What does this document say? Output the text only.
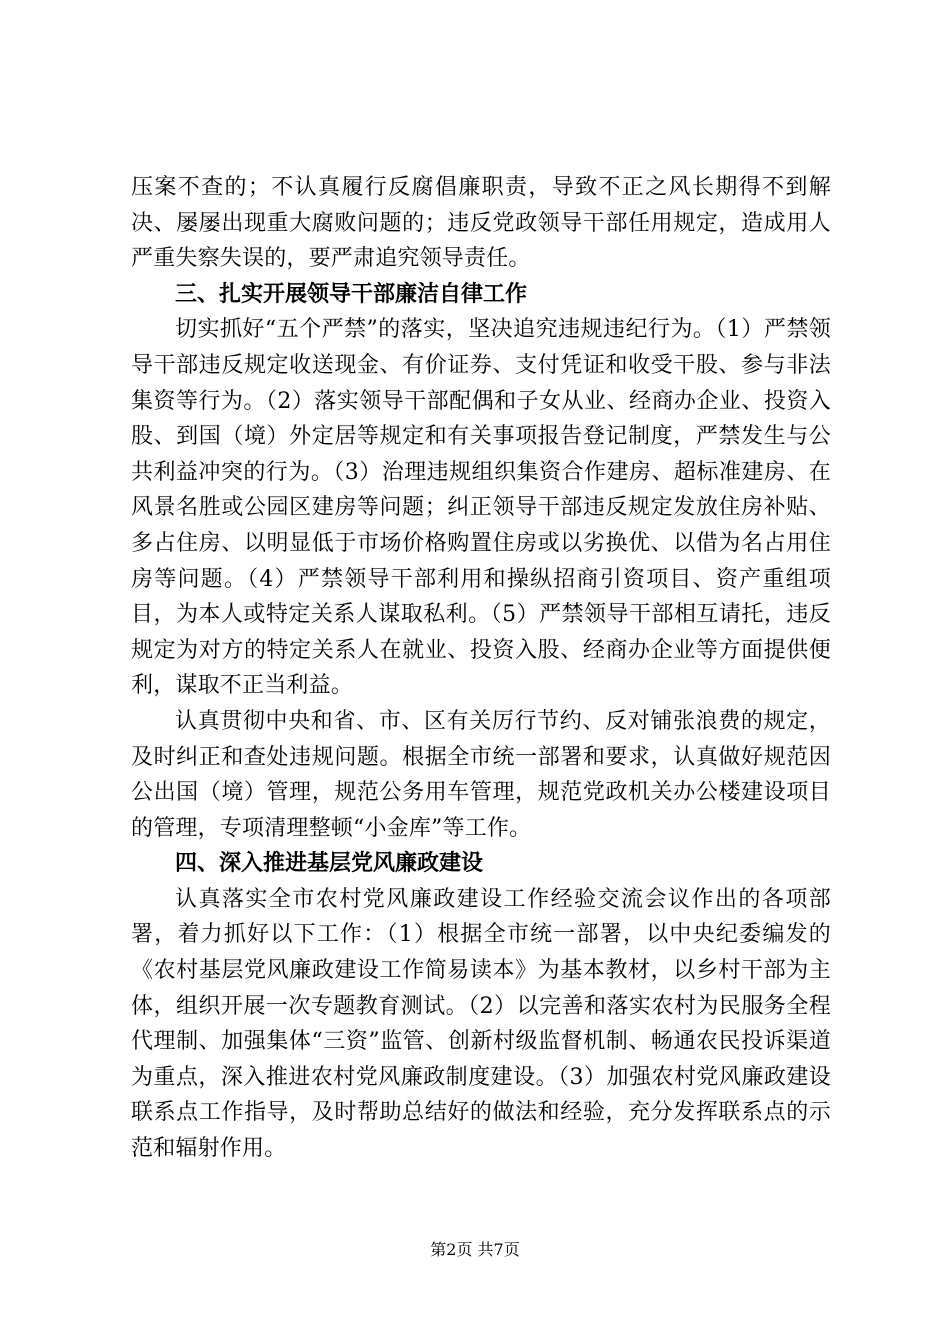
压案不查的；不认真履行反腐倡廉职责，导致不正之风长期得不到解决、屡屡出现重大腐败问题的；违反党政领导干部任用规定，造成用人严重失察失误的，要严肃追究领导责任。

三、扎实开展领导干部廉洁自律工作

切实抓好“五个严禁”的落实，坚决追究违规违纪行为。（1）严禁领导干部违反规定收送现金、有价证券、支付凭证和收受干股、参与非法集资等行为。（2）落实领导干部配偶和子女从业、经商办企业、投资入股、到国（境）外定居等规定和有关事项报告登记制度，严禁发生与公共利益冲突的行为。（3）治理违规组织集资合作建房、超标准建房、在风景名胜或公园区建房等问题；纠正领导干部违反规定发放住房补贴、多占住房、以明显低于市场价格购置住房或以劣换优、以借为名占用住房等问题。（4）严禁领导干部利用和操纵招商引资项目、资产重组项目，为本人或特定关系人谋取私利。（5）严禁领导干部相互请托，违反规定为对方的特定关系人在就业、投资入股、经商办企业等方面提供便利，谋取不正当利益。

认真贯彻中央和省、市、区有关厉行节约、反对铺张浪费的规定，及时纠正和查处违规问题。根据全市统一部署和要求，认真做好规范因公出国（境）管理，规范公务用车管理，规范党政机关办公楼建设项目的管理，专项清理整顿“小金库”等工作。

四、深入推进基层党风廉政建设

认真落实全市农村党风廉政建设工作经验交流会议作出的各项部署，着力抓好以下工作：（1）根据全市统一部署，以中央纪委编发的《农村基层党风廉政建设工作简易读本》为基本教材，以乡村干部为主体，组织开展一次专题教育测试。（2）以完善和落实农村为民服务全程代理制、加强集体“三资”监管、创新村级监督机制、畅通农民投诉渠道为重点，深入推进农村党风廉政制度建设。（3）加强农村党风廉政建设联系点工作指导，及时帮助总结好的做法和经验，充分发挥联系点的示范和辐射作用。

第2页 共7页
